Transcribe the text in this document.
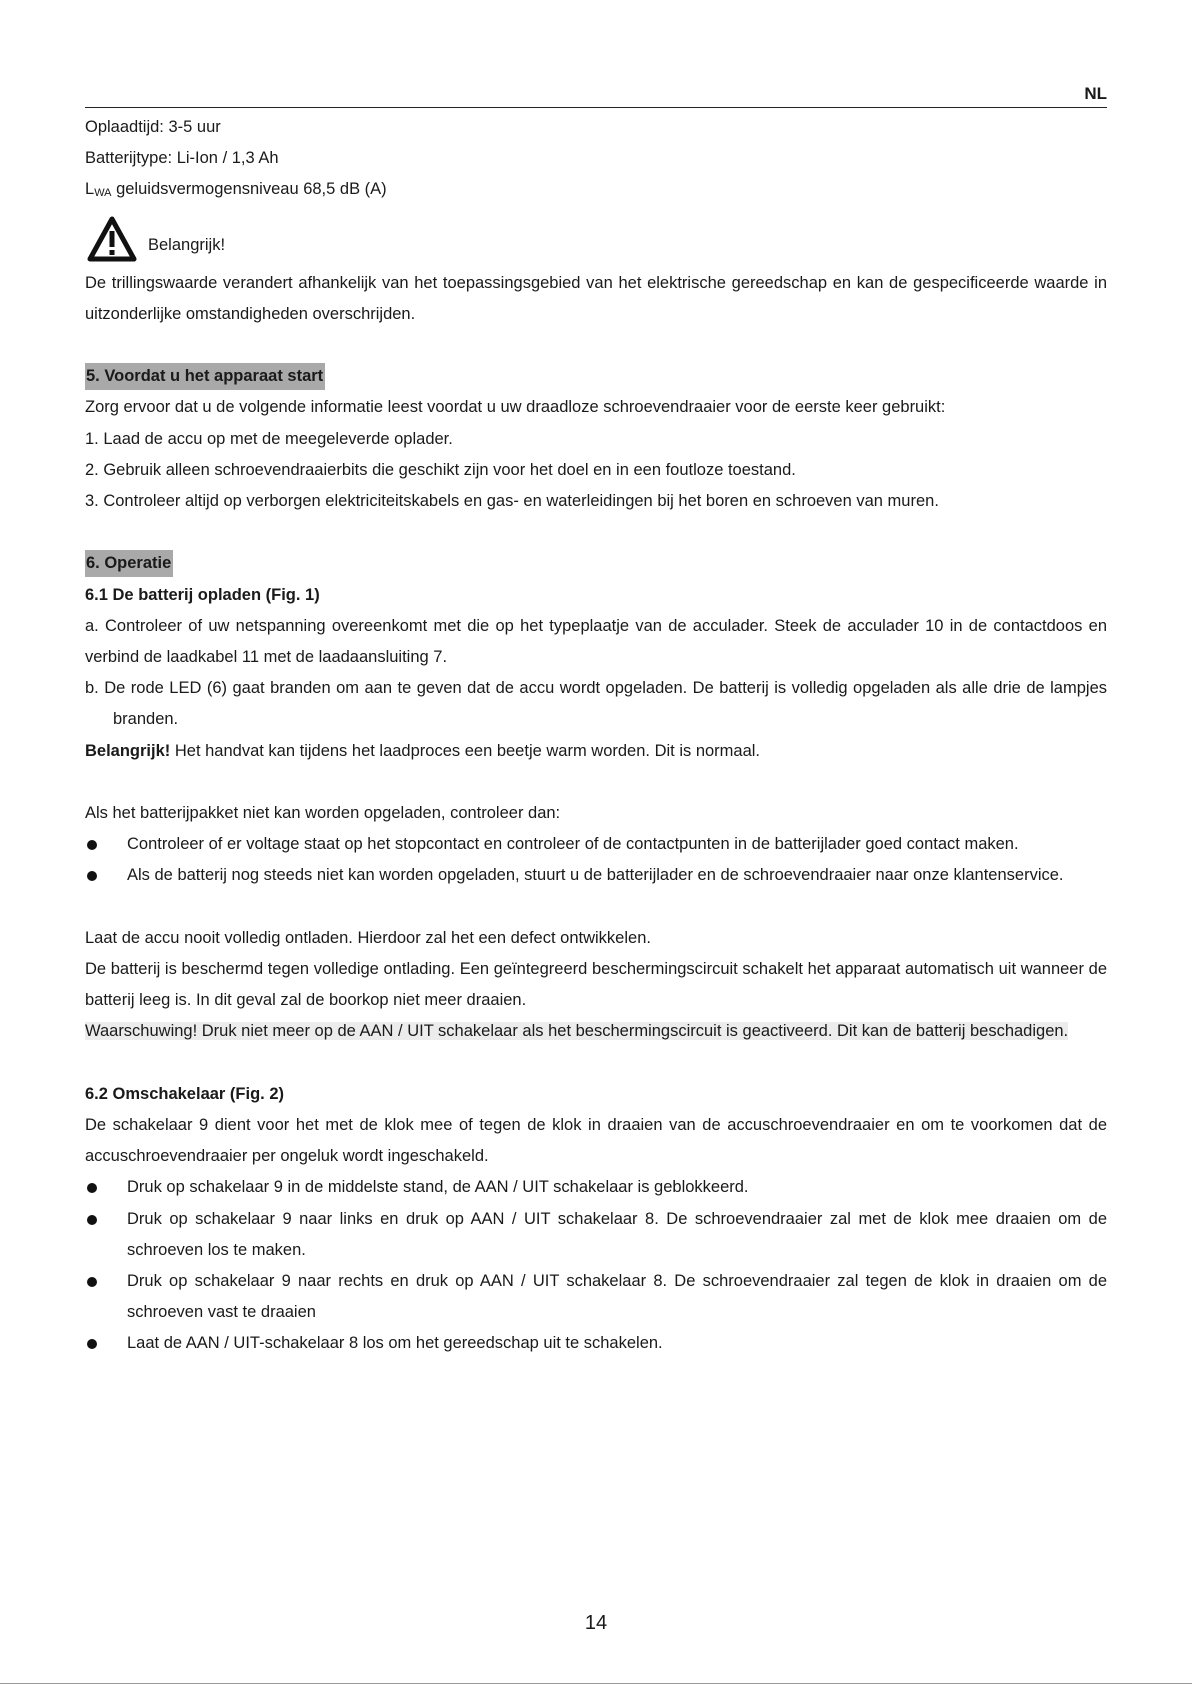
NL

Oplaadtijd: 3-5 uur

Batterijtype: Li-Ion / 1,3 Ah

LWA geluidsvermogensniveau 68,5 dB (A)

Belangrijk!

De trillingswaarde verandert afhankelijk van het toepassingsgebied van het elektrische gereedschap en kan de gespecificeerde waarde in uitzonderlijke omstandigheden overschrijden.

5. Voordat u het apparaat start

Zorg ervoor dat u de volgende informatie leest voordat u uw draadloze schroevendraaier voor de eerste keer gebruikt:

1. Laad de accu op met de meegeleverde oplader.

2. Gebruik alleen schroevendraaierbits die geschikt zijn voor het doel en in een foutloze toestand.

3. Controleer altijd op verborgen elektriciteitskabels en gas- en waterleidingen bij het boren en schroeven van muren.

6. Operatie

6.1 De batterij opladen (Fig. 1)

a. Controleer of uw netspanning overeenkomt met die op het typeplaatje van de acculader. Steek de acculader 10 in de contactdoos en verbind de laadkabel 11 met de laadaansluiting 7.

b. De rode LED (6) gaat branden om aan te geven dat de accu wordt opgeladen. De batterij is volledig opgeladen als alle drie de lampjes branden.

Belangrijk! Het handvat kan tijdens het laadproces een beetje warm worden. Dit is normaal.

Als het batterijpakket niet kan worden opgeladen, controleer dan:

Controleer of er voltage staat op het stopcontact en controleer of de contactpunten in de batterijlader goed contact maken.
Als de batterij nog steeds niet kan worden opgeladen, stuurt u de batterijlader en de schroevendraaier naar onze klantenservice.

Laat de accu nooit volledig ontladen. Hierdoor zal het een defect ontwikkelen.

De batterij is beschermd tegen volledige ontlading. Een geïntegreerd beschermingscircuit schakelt het apparaat automatisch uit wanneer de batterij leeg is. In dit geval zal de boorkop niet meer draaien.

Waarschuwing! Druk niet meer op de AAN / UIT schakelaar als het beschermingscircuit is geactiveerd. Dit kan de batterij beschadigen.

6.2 Omschakelaar (Fig. 2)

De schakelaar 9 dient voor het met de klok mee of tegen de klok in draaien van de accuschroevendraaier en om te voorkomen dat de accuschroevendraaier per ongeluk wordt ingeschakeld.

Druk op schakelaar 9 in de middelste stand, de AAN / UIT schakelaar is geblokkeerd.
Druk op schakelaar 9 naar links en druk op AAN / UIT schakelaar 8. De schroevendraaier zal met de klok mee draaien om de schroeven los te maken.
Druk op schakelaar 9 naar rechts en druk op AAN / UIT schakelaar 8. De schroevendraaier zal tegen de klok in draaien om de schroeven vast te draaien
Laat de AAN / UIT-schakelaar 8 los om het gereedschap uit te schakelen.
14
